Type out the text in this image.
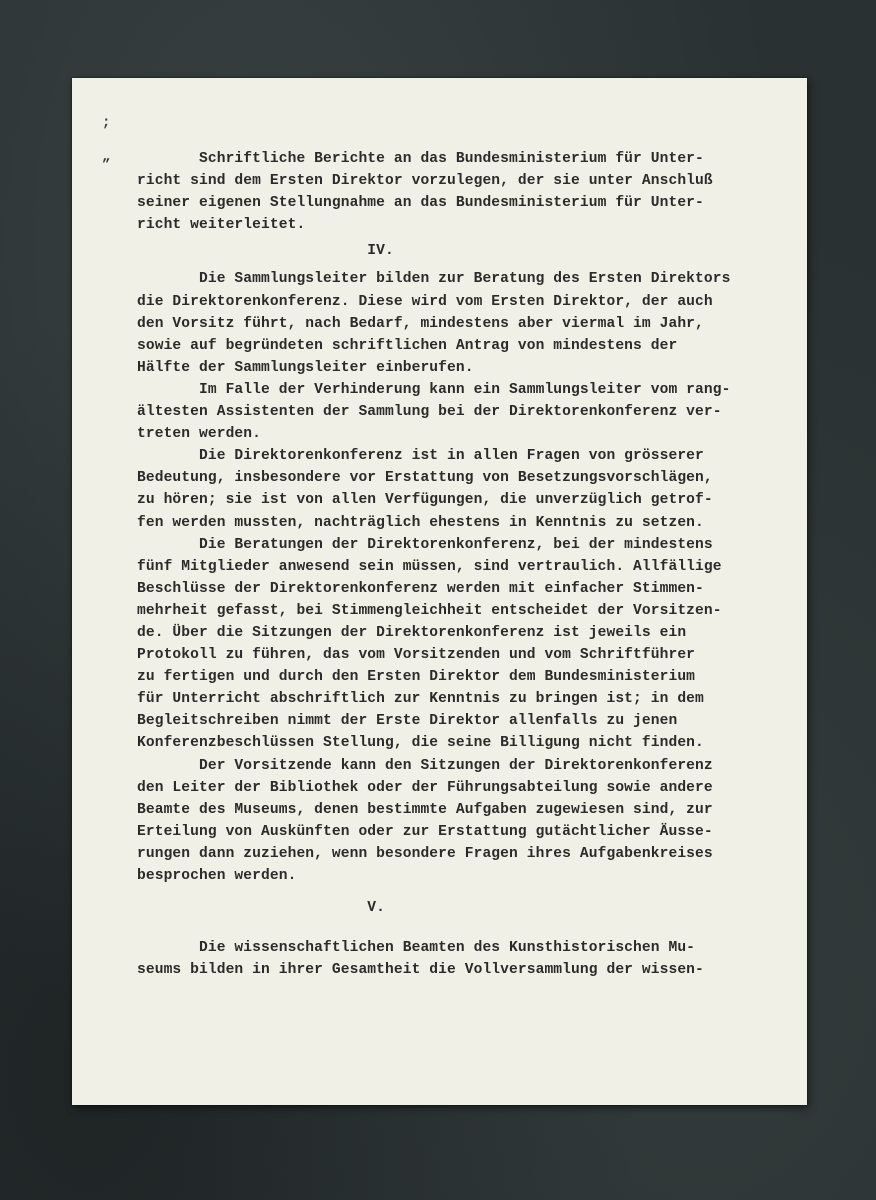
;
„ Schriftliche Berichte an das Bundesministerium für Unter-
richt sind dem Ersten Direktor vorzulegen, der sie unter Anschluß
seiner eigenen Stellungnahme an das Bundesministerium für Unter-
richt weiterleitet.
IV.
Die Sammlungsleiter bilden zur Beratung des Ersten Direktors
die Direktorenkonferenz. Diese wird vom Ersten Direktor, der auch
den Vorsitz führt, nach Bedarf, mindestens aber viermal im Jahr,
sowie auf begründeten schriftlichen Antrag von mindestens der
Hälfte der Sammlungsleiter einberufen.
Im Falle der Verhinderung kann ein Sammlungsleiter vom rang-
ältesten Assistenten der Sammlung bei der Direktorenkonferenz ver-
treten werden.
Die Direktorenkonferenz ist in allen Fragen von grösserer
Bedeutung, insbesondere vor Erstattung von Besetzungsvorschlägen,
zu hören; sie ist von allen Verfügungen, die unverzüglich getrof-
fen werden mussten, nachträglich ehestens in Kenntnis zu setzen.
Die Beratungen der Direktorenkonferenz, bei der mindestens
fünf Mitglieder anwesend sein müssen, sind vertraulich. Allfällige
Beschlüsse der Direktorenkonferenz werden mit einfacher Stimmen-
mehrheit gefasst, bei Stimmengleichheit entscheidet der Vorsitzen-
de. Über die Sitzungen der Direktorenkonferenz ist jeweils ein
Protokoll zu führen, das vom Vorsitzenden und vom Schriftführer
zu fertigen und durch den Ersten Direktor dem Bundesministerium
für Unterricht abschriftlich zur Kenntnis zu bringen ist; in dem
Begleitschreiben nimmt der Erste Direktor allenfalls zu jenen
Konferenzbeschlüssen Stellung, die seine Billigung nicht finden.
Der Vorsitzende kann den Sitzungen der Direktorenkonferenz
den Leiter der Bibliothek oder der Führungsabteilung sowie andere
Beamte des Museums, denen bestimmte Aufgaben zugewiesen sind, zur
Erteilung von Auskünften oder zur Erstattung gutächtlicher Äusse-
rungen dann zuziehen, wenn besondere Fragen ihres Aufgabenkreises
besprochen werden.
V.
Die wissenschaftlichen Beamten des Kunsthistorischen Mu-
seums bilden in ihrer Gesamtheit die Vollversammlung der wissen-
